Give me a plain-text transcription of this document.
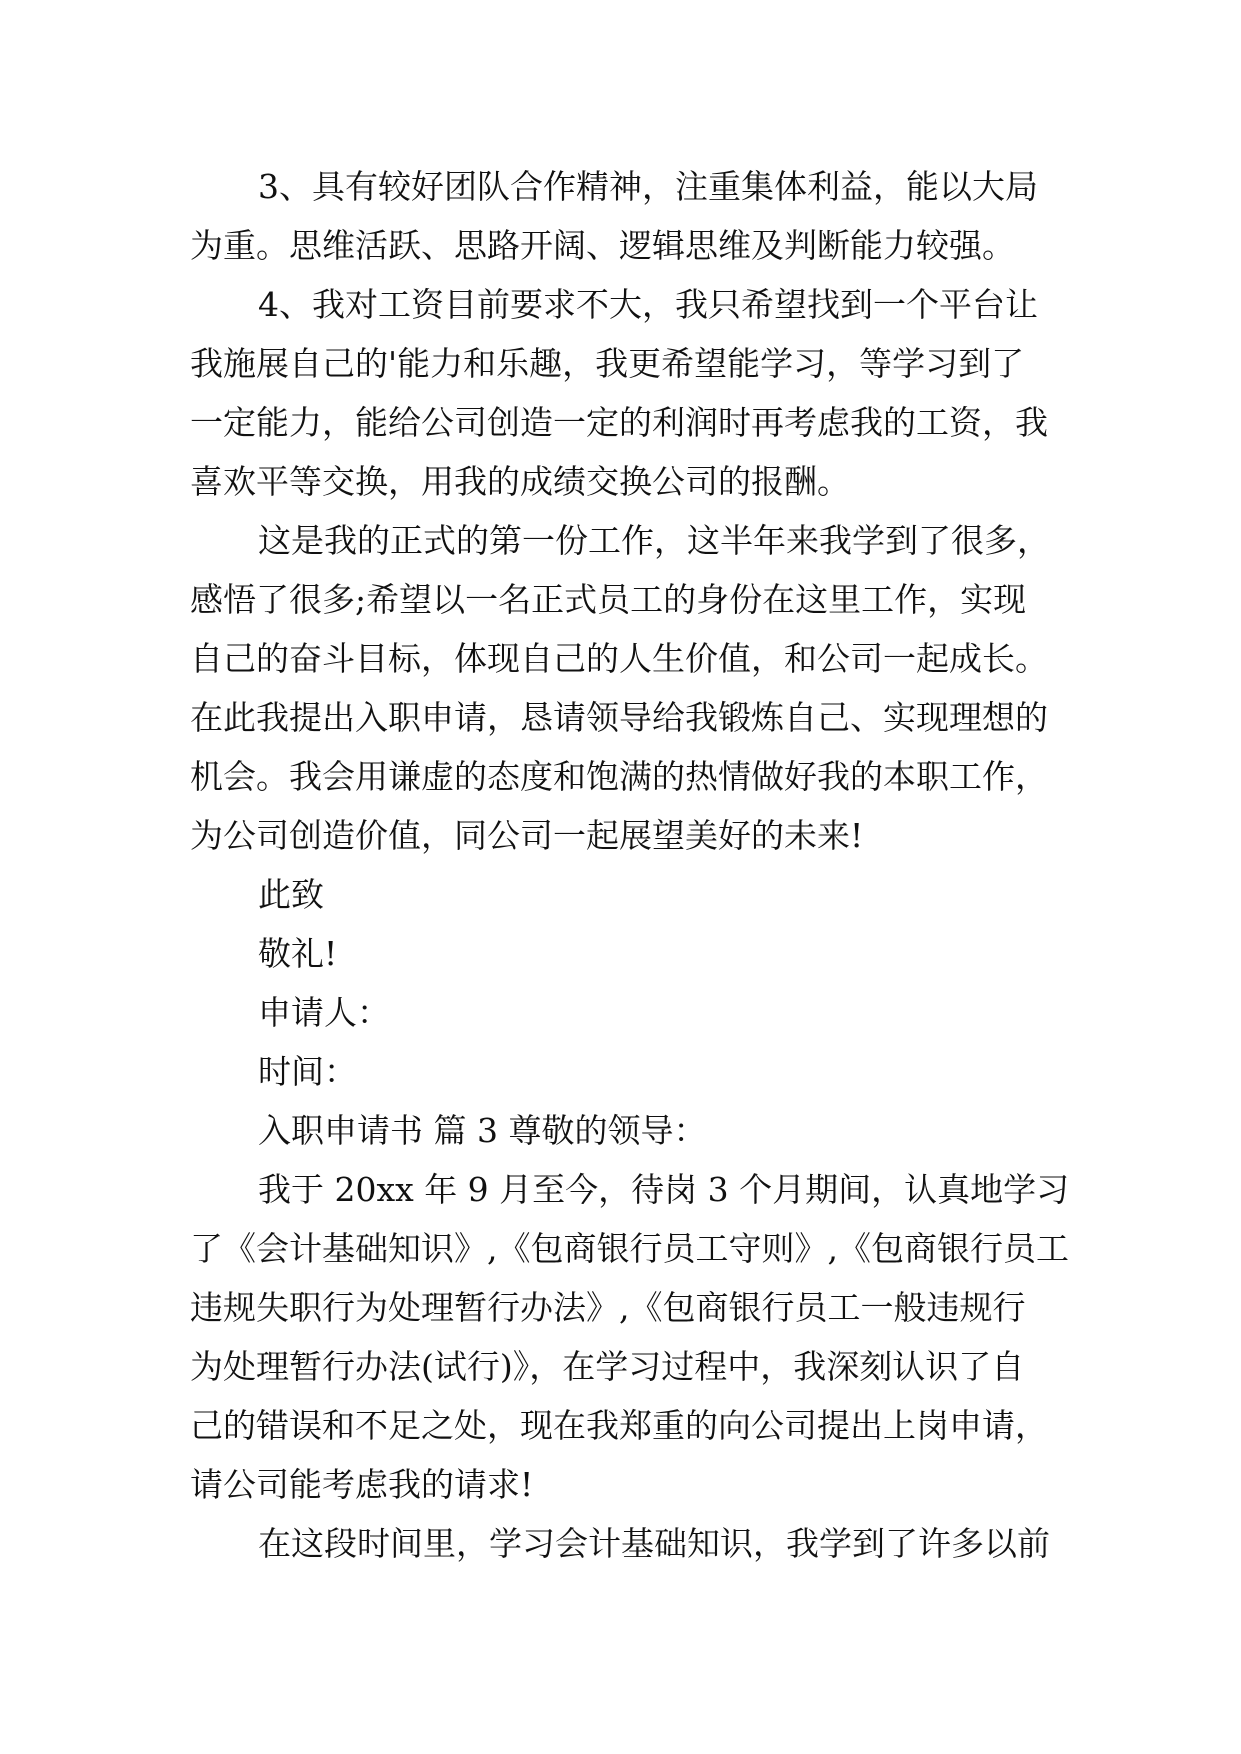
3、具有较好团队合作精神，注重集体利益，能以大局

为重。思维活跃、思路开阔、逻辑思维及判断能力较强。

4、我对工资目前要求不大，我只希望找到一个平台让

我施展自己的'能力和乐趣，我更希望能学习，等学习到了

一定能力，能给公司创造一定的利润时再考虑我的工资，我

喜欢平等交换，用我的成绩交换公司的报酬。

这是我的正式的第一份工作，这半年来我学到了很多，

感悟了很多;希望以一名正式员工的身份在这里工作，实现

自己的奋斗目标，体现自己的人生价值，和公司一起成长。

在此我提出入职申请，恳请领导给我锻炼自己、实现理想的

机会。我会用谦虚的态度和饱满的热情做好我的本职工作，

为公司创造价值，同公司一起展望美好的未来!

此致

敬礼!

申请人：

时间：

入职申请书 篇 3 尊敬的领导：

我于 20xx 年 9 月至今，待岗 3 个月期间，认真地学习

了《会计基础知识》,《包商银行员工守则》,《包商银行员工

违规失职行为处理暂行办法》,《包商银行员工一般违规行

为处理暂行办法(试行)》，在学习过程中，我深刻认识了自

己的错误和不足之处，现在我郑重的向公司提出上岗申请，

请公司能考虑我的请求!

在这段时间里，学习会计基础知识，我学到了许多以前
